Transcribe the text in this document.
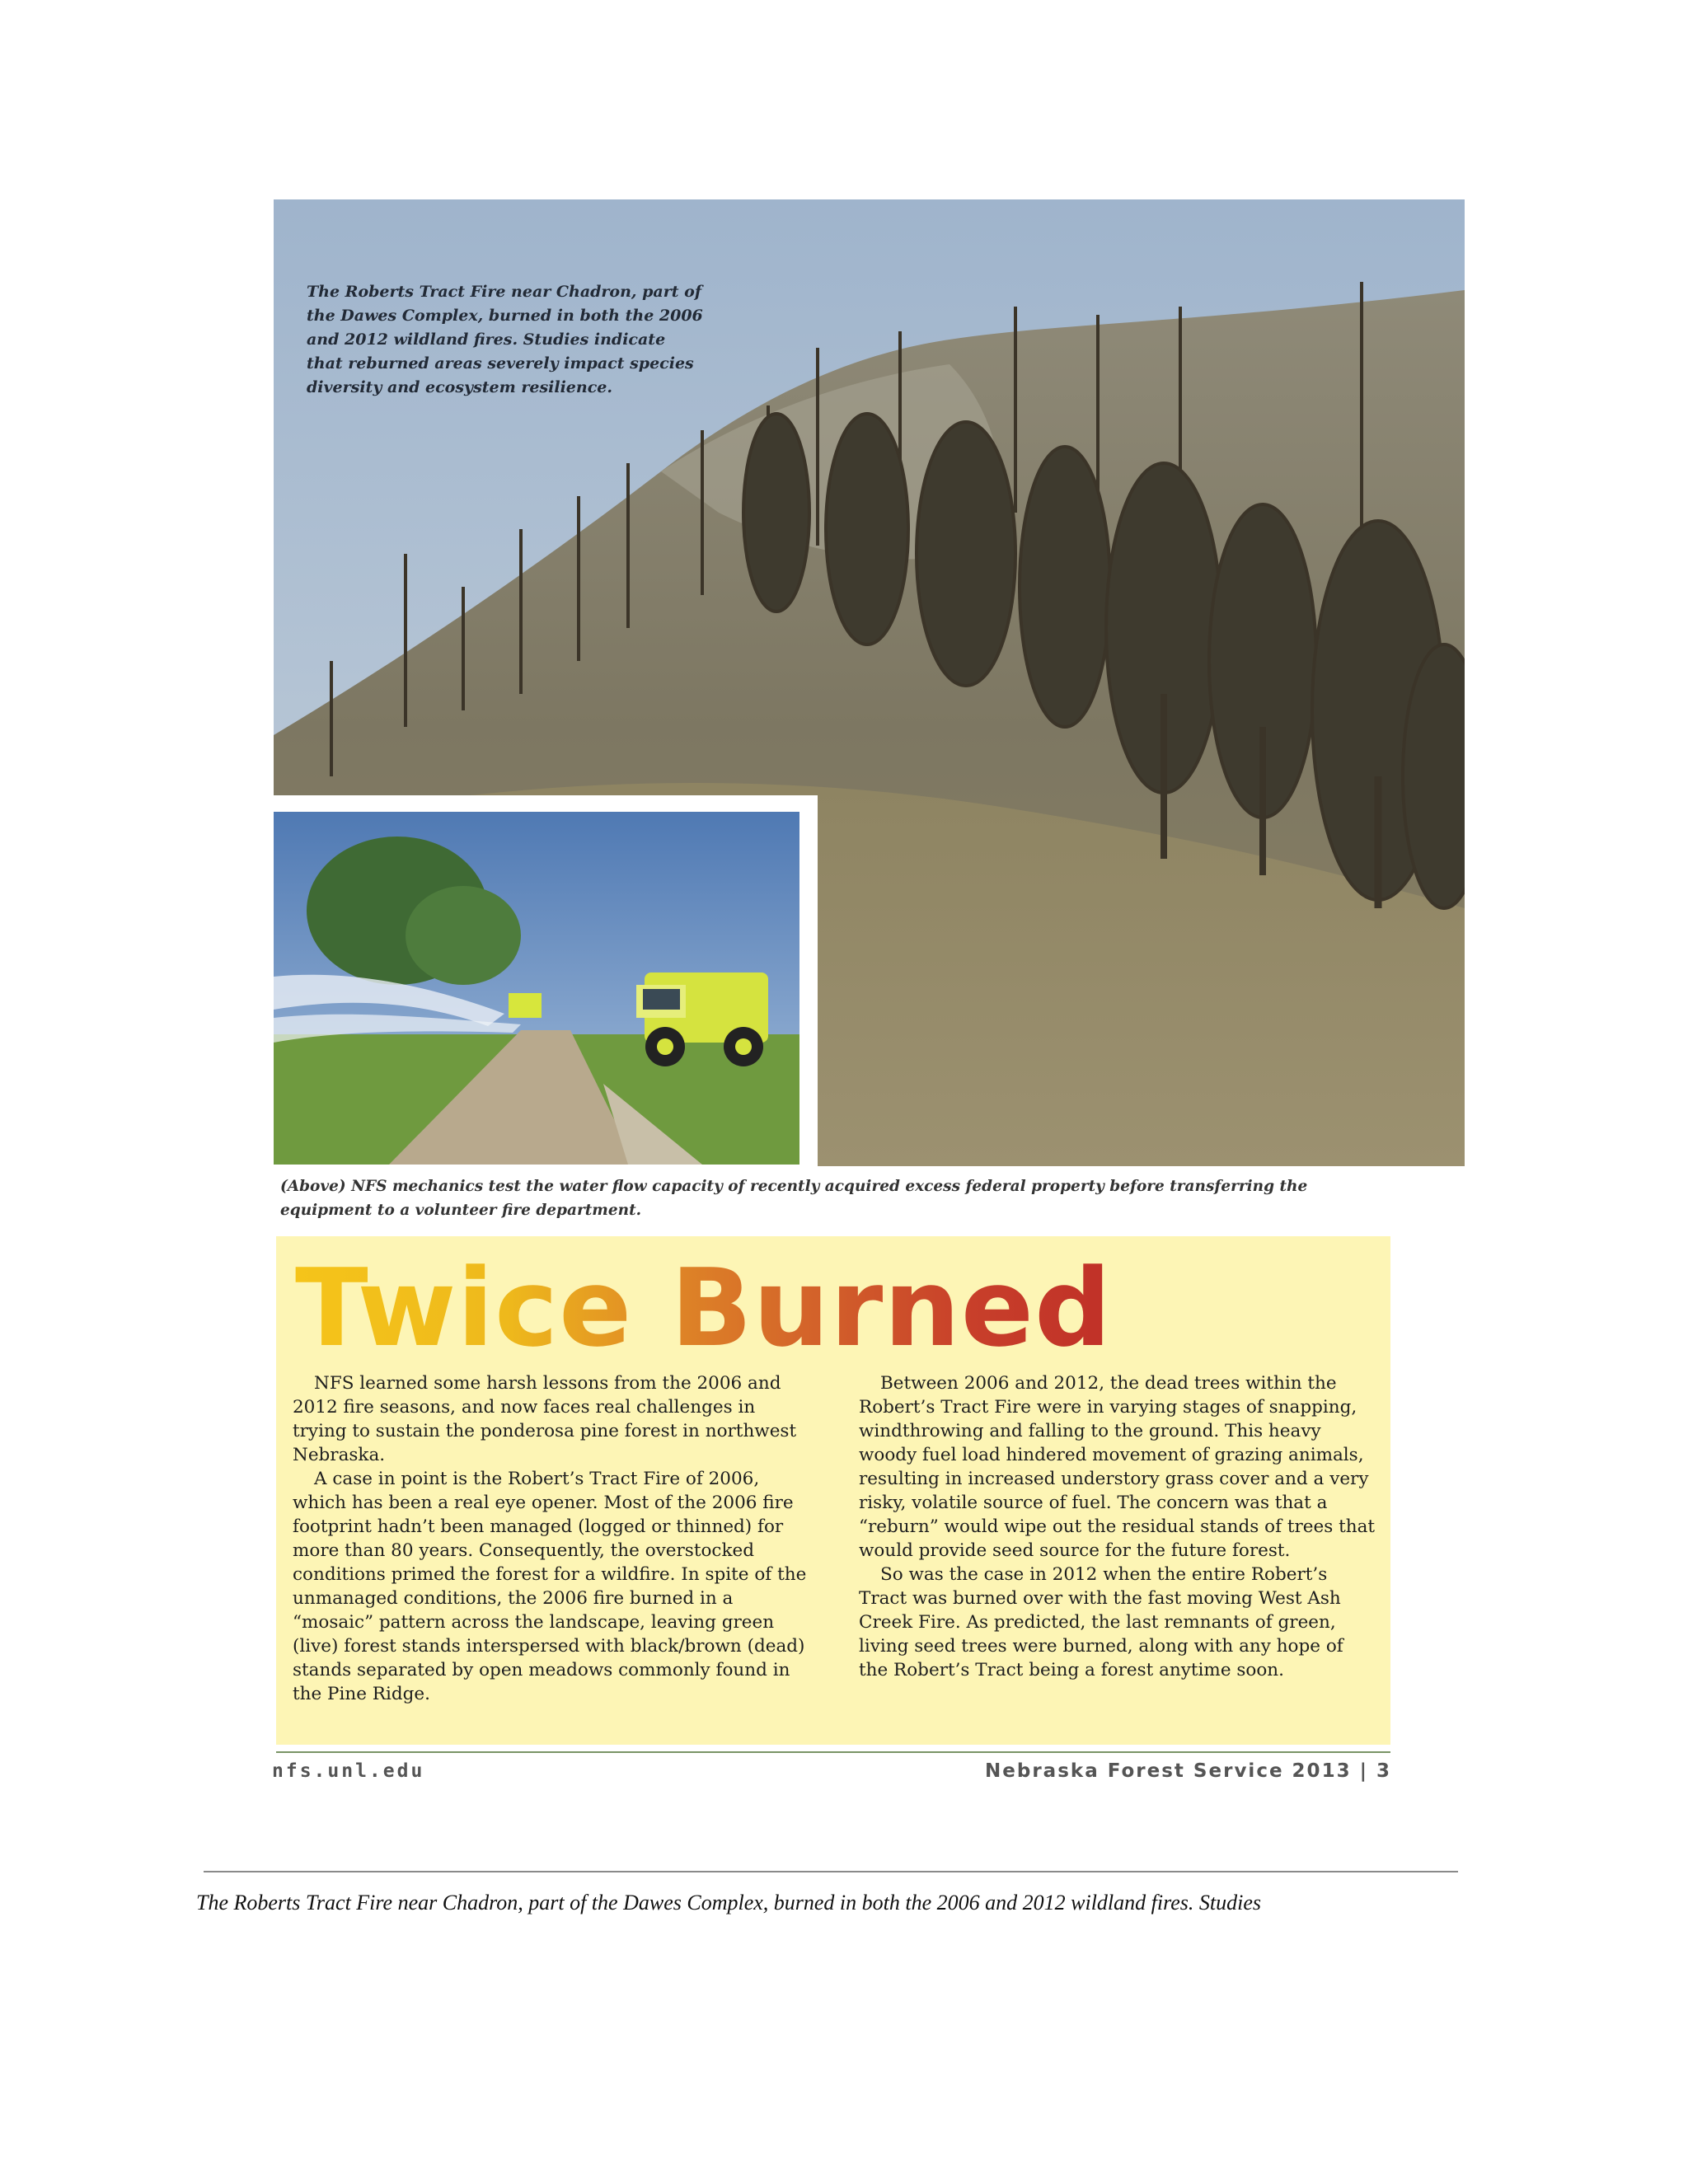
The Roberts Tract Fire near Chadron, part of the Dawes Complex, burned in both the 2006 and 2012 wildland fires. Studies indicate that reburned areas severely impact species diversity and ecosystem resilience.

(Above) NFS mechanics test the water flow capacity of recently acquired excess federal property before transferring the equipment to a volunteer fire department.

Twice Burned

NFS learned some harsh lessons from the 2006 and 2012 fire seasons, and now faces real challenges in trying to sustain the ponderosa pine forest in northwest Nebraska.

A case in point is the Robert’s Tract Fire of 2006, which has been a real eye opener. Most of the 2006 fire footprint hadn’t been managed (logged or thinned) for more than 80 years. Consequently, the overstocked conditions primed the forest for a wildfire. In spite of the unmanaged conditions, the 2006 fire burned in a “mosaic” pattern across the landscape, leaving green (live) forest stands interspersed with black/brown (dead) stands separated by open meadows commonly found in the Pine Ridge.

Between 2006 and 2012, the dead trees within the Robert’s Tract Fire were in varying stages of snapping, windthrowing and falling to the ground. This heavy woody fuel load hindered movement of grazing animals, resulting in increased understory grass cover and a very risky, volatile source of fuel. The concern was that a “reburn” would wipe out the residual stands of trees that would provide seed source for the future forest.

So was the case in 2012 when the entire Robert’s Tract was burned over with the fast moving West Ash Creek Fire. As predicted, the last remnants of green, living seed trees were burned, along with any hope of the Robert’s Tract being a forest anytime soon.

nfs.unl.edu	Nebraska Forest Service 2013 | 3

The Roberts Tract Fire near Chadron, part of the Dawes Complex, burned in both the 2006 and 2012 wildland fires. Studies
